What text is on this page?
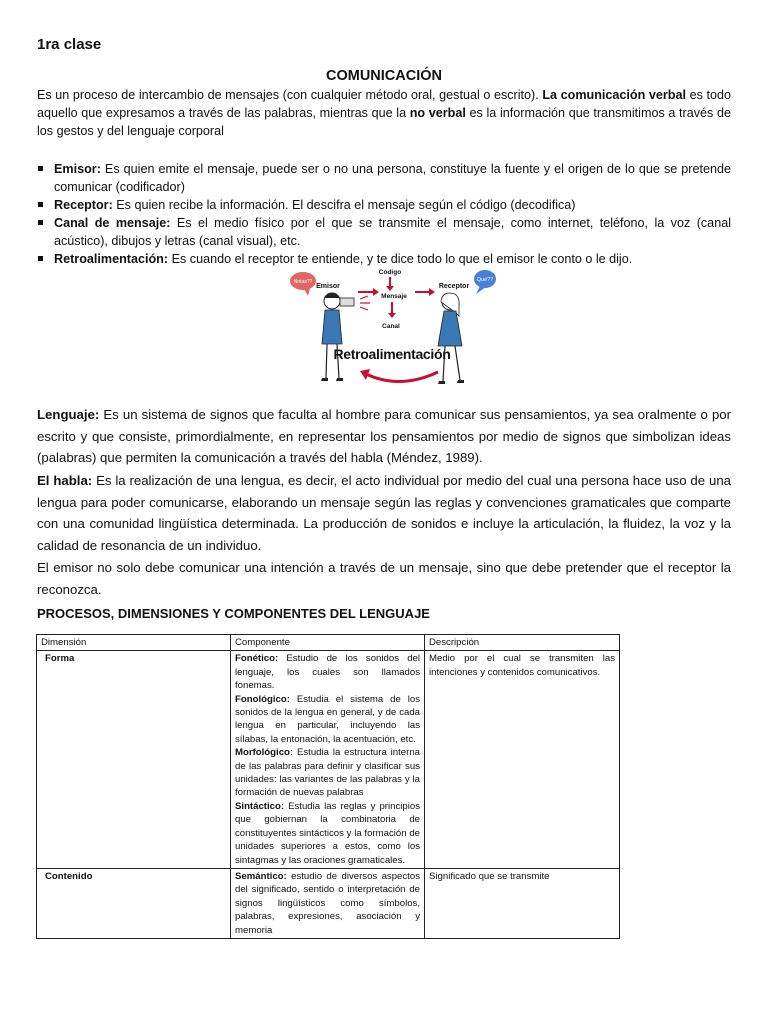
1ra clase
COMUNICACIÓN

Es un proceso de intercambio de mensajes (con cualquier método oral, gestual o escrito). La comunicación verbal es todo aquello que expresamos a través de las palabras, mientras que la no verbal es la información que transmitimos a través de los gestos y del lenguaje corporal

Emisor: Es quien emite el mensaje, puede ser o no una persona, constituye la fuente y el origen de lo que se pretende comunicar (codificador)
Receptor: Es quien recibe la información. El descifra el mensaje según el código (decodifica)
Canal de mensaje: Es el medio físico por el que se transmite el mensaje, como internet, teléfono, la voz (canal acústico), dibujos y letras (canal visual), etc.
Retroalimentación: Es cuando el receptor te entiende, y te dice todo lo que el emisor le conto o le dijo.
Notas??	Qué??
Emisor
Código
Mensaje
Canal
Receptor
Retroalimentación

Lenguaje: Es un sistema de signos que faculta al hombre para comunicar sus pensamientos, ya sea oralmente o por escrito y que consiste, primordialmente, en representar los pensamientos por medio de signos que simbolizan ideas (palabras) que permiten la comunicación a través del habla (Méndez, 1989).

El habla: Es la realización de una lengua, es decir, el acto individual por medio del cual una persona hace uso de una lengua para poder comunicarse, elaborando un mensaje según las reglas y convenciones gramaticales que comparte con una comunidad lingüística determinada. La producción de sonidos e incluye la articulación, la fluidez, la voz y la calidad de resonancia de un individuo.

El emisor no solo debe comunicar una intención a través de un mensaje, sino que debe pretender que el receptor la reconozca.

PROCESOS, DIMENSIONES Y COMPONENTES DEL LENGUAJE
Dimensión	Componente	Descripción
Forma	Fonético: Estudio de los sonidos del lenguaje, los cuales son llamados fonemas.

Fonológico: Estudia el sistema de los sonidos de la lengua en general, y de cada lengua en particular, incluyendo las sílabas, la entonación, la acentuación, etc.

Morfológico: Estudia la estructura interna de las palabras para definir y clasificar sus unidades: las variantes de las palabras y la formación de nuevas palabras

Sintáctico: Estudia las reglas y principios que gobiernan la combinatoria de constituyentes sintácticos y la formación de unidades superiores a estos, como los sintagmas y las oraciones gramaticales.	Medio por el cual se transmiten las intenciones y contenidos comunicativos.
Contenido	Semántico: estudio de diversos aspectos del significado, sentido o interpretación de signos lingüísticos como símbolos, palabras, expresiones, asociación y memoria	Significado que se transmite
